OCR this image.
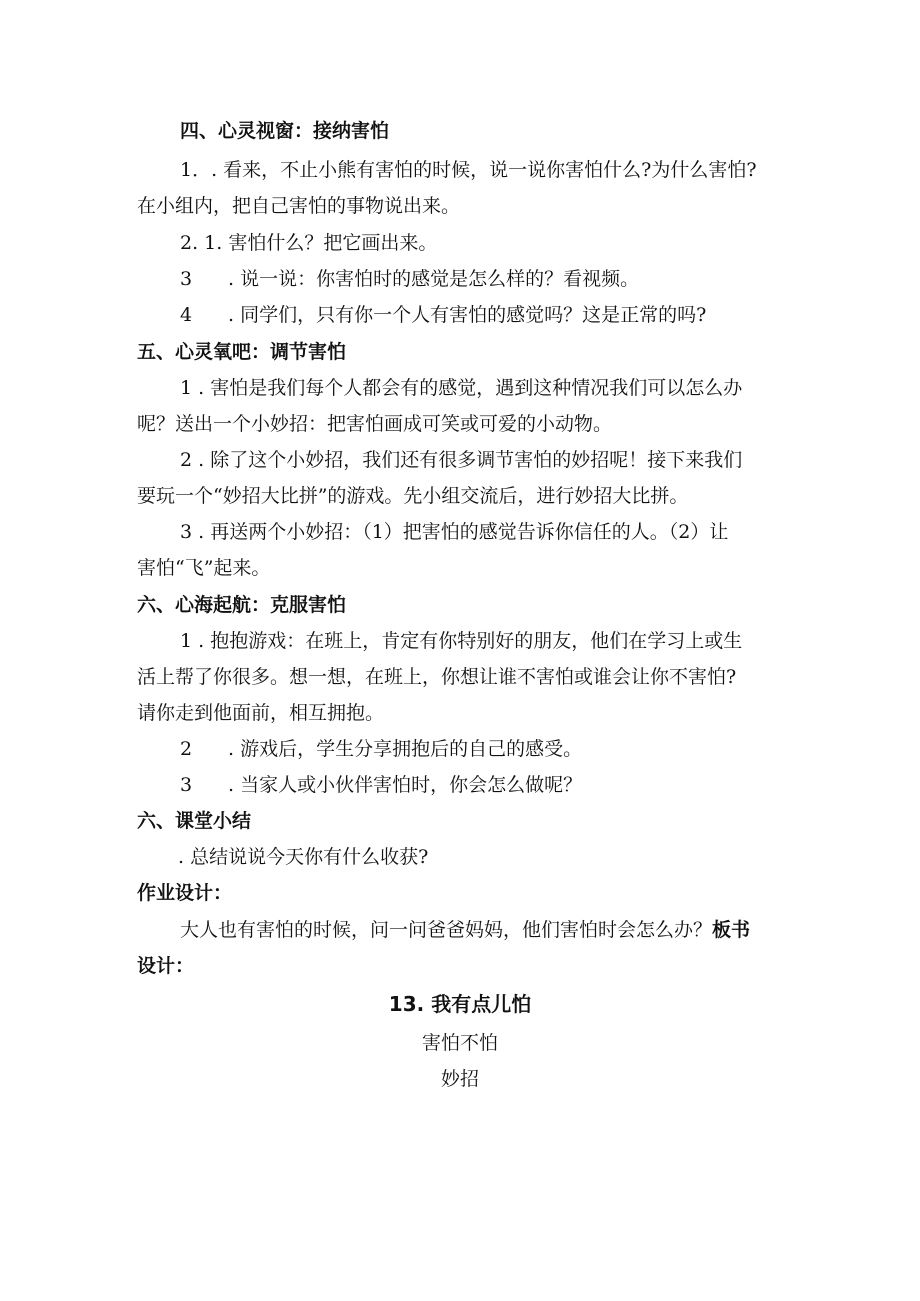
四、心灵视窗：接纳害怕
1．. 看来，不止小熊有害怕的时候，说一说你害怕什么?为什么害怕?
在小组内，把自己害怕的事物说出来。
2. 1. 害怕什么？把它画出来。
3 . 说一说：你害怕时的感觉是怎么样的？看视频。
4 . 同学们，只有你一个人有害怕的感觉吗？这是正常的吗?
五、心灵氧吧：调节害怕
1 . 害怕是我们每个人都会有的感觉，遇到这种情况我们可以怎么办
呢？送出一个小妙招：把害怕画成可笑或可爱的小动物。
2 . 除了这个小妙招，我们还有很多调节害怕的妙招呢！接下来我们
要玩一个“妙招大比拼”的游戏。先小组交流后，进行妙招大比拼。
3 . 再送两个小妙招：（1）把害怕的感觉告诉你信任的人。（2）让
害怕“飞”起来。
六、心海起航：克服害怕
1 . 抱抱游戏：在班上，肯定有你特别好的朋友，他们在学习上或生
活上帮了你很多。想一想，在班上，你想让谁不害怕或谁会让你不害怕?
请你走到他面前，相互拥抱。
2 . 游戏后，学生分享拥抱后的自己的感受。
3 . 当家人或小伙伴害怕时，你会怎么做呢？
六、课堂小结
. 总结说说今天你有什么收获?
作业设计：
大人也有害怕的时候，问一问爸爸妈妈，他们害怕时会怎么办？板书
设计：
13. 我有点儿怕
害怕不怕
妙招
